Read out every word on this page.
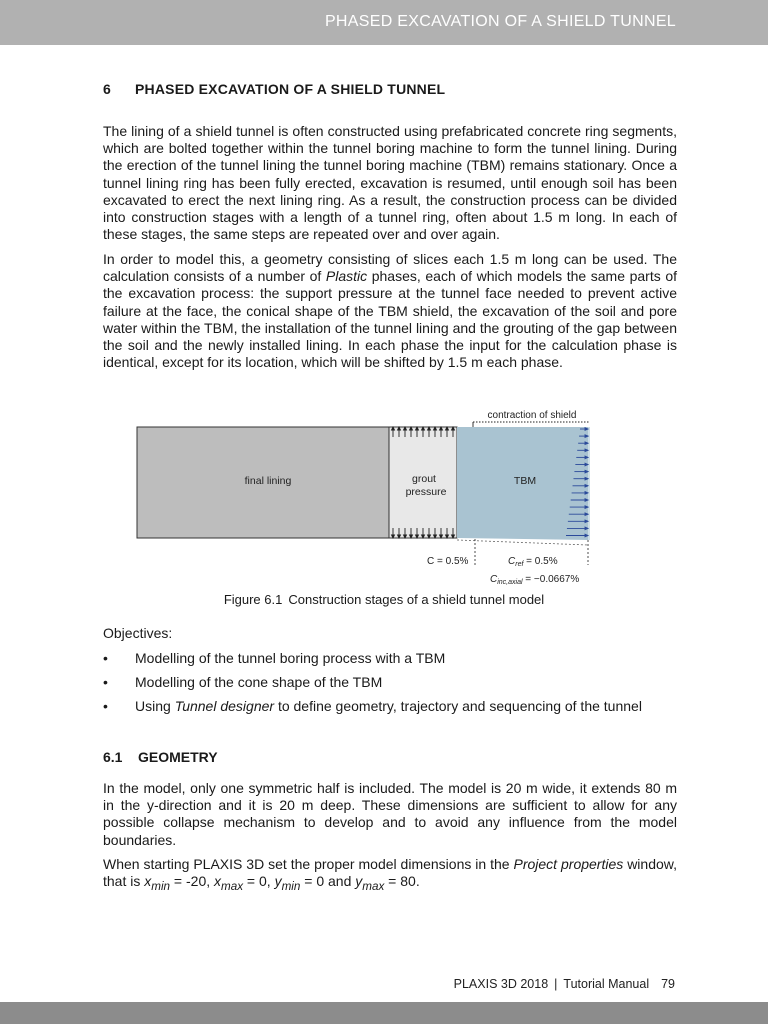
PHASED EXCAVATION OF A SHIELD TUNNEL
6 PHASED EXCAVATION OF A SHIELD TUNNEL

The lining of a shield tunnel is often constructed using prefabricated concrete ring segments, which are bolted together within the tunnel boring machine to form the tunnel lining. During the erection of the tunnel lining the tunnel boring machine (TBM) remains stationary. Once a tunnel lining ring has been fully erected, excavation is resumed, until enough soil has been excavated to erect the next lining ring. As a result, the construction process can be divided into construction stages with a length of a tunnel ring, often about 1.5 m long. In each of these stages, the same steps are repeated over and over again.

In order to model this, a geometry consisting of slices each 1.5 m long can be used. The calculation consists of a number of Plastic phases, each of which models the same parts of the excavation process: the support pressure at the tunnel face needed to prevent active failure at the face, the conical shape of the TBM shield, the excavation of the soil and pore water within the TBM, the installation of the tunnel lining and the grouting of the gap between the soil and the newly installed lining. In each phase the input for the calculation phase is identical, except for its location, which will be shifted by 1.5 m each phase.

Objectives:

• Modelling of the tunnel boring process with a TBM
• Modelling of the cone shape of the TBM
• Using Tunnel designer to define geometry, trajectory and sequencing of the tunnel
6.1 GEOMETRY

In the model, only one symmetric half is included. The model is 20 m wide, it extends 80 m in the y-direction and it is 20 m deep. These dimensions are sufficient to allow for any possible collapse mechanism to develop and to avoid any influence from the model boundaries.

When starting PLAXIS 3D set the proper model dimensions in the Project properties window, that is $x_{min} = -20$, $x_{max} = 0$, $y_{min} = 0$ and $y_{max} = 80$.

final lining	grout
pressure
TBM
contraction of shield
C = 0.5%	$C_{ref} = 0.5\%$
$C_{inc,axial} = -0.0667\%$
Figure 6.1 Construction stages of a shield tunnel model
PLAXIS 3D 2018 | Tutorial Manual 79
